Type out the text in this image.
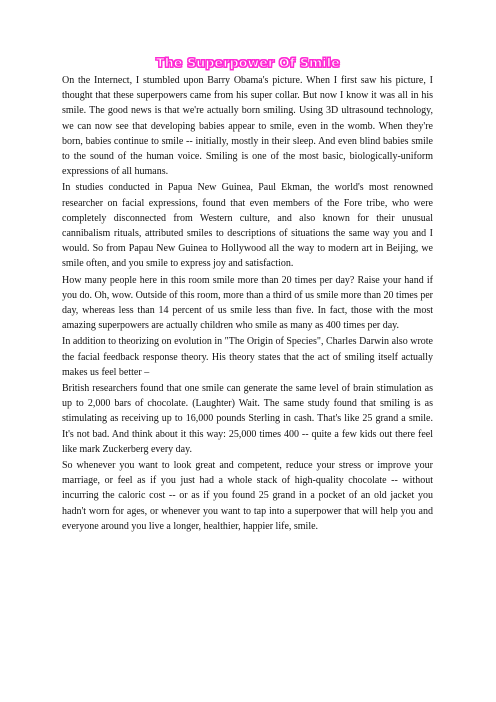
The Superpower Of Smile

On the Internect, I stumbled upon Barry Obama's picture. When I first saw his picture, I thought that these superpowers came from his super collar. But now I know it was all in his smile. The good news is that we're actually born smiling. Using 3D ultrasound technology, we can now see that developing babies appear to smile, even in the womb. When they're born, babies continue to smile -- initially, mostly in their sleep. And even blind babies smile to the sound of the human voice. Smiling is one of the most basic, biologically-uniform expressions of all humans.

In studies conducted in Papua New Guinea, Paul Ekman, the world's most renowned researcher on facial expressions, found that even members of the Fore tribe, who were completely disconnected from Western culture, and also known for their unusual cannibalism rituals, attributed smiles to descriptions of situations the same way you and I would. So from Papau New Guinea to Hollywood all the way to modern art in Beijing, we smile often, and you smile to express joy and satisfaction.

How many people here in this room smile more than 20 times per day? Raise your hand if you do. Oh, wow. Outside of this room, more than a third of us smile more than 20 times per day, whereas less than 14 percent of us smile less than five. In fact, those with the most amazing superpowers are actually children who smile as many as 400 times per day.

In addition to theorizing on evolution in "The Origin of Species", Charles Darwin also wrote the facial feedback response theory. His theory states that the act of smiling itself actually makes us feel better –

British researchers found that one smile can generate the same level of brain stimulation as up to 2,000 bars of chocolate. (Laughter) Wait. The same study found that smiling is as stimulating as receiving up to 16,000 pounds Sterling in cash. That's like 25 grand a smile. It's not bad. And think about it this way: 25,000 times 400 -- quite a few kids out there feel like mark Zuckerberg every day.

So whenever you want to look great and competent, reduce your stress or improve your marriage, or feel as if you just had a whole stack of high-quality chocolate -- without incurring the caloric cost -- or as if you found 25 grand in a pocket of an old jacket you hadn't worn for ages, or whenever you want to tap into a superpower that will help you and everyone around you live a longer, healthier, happier life, smile.
